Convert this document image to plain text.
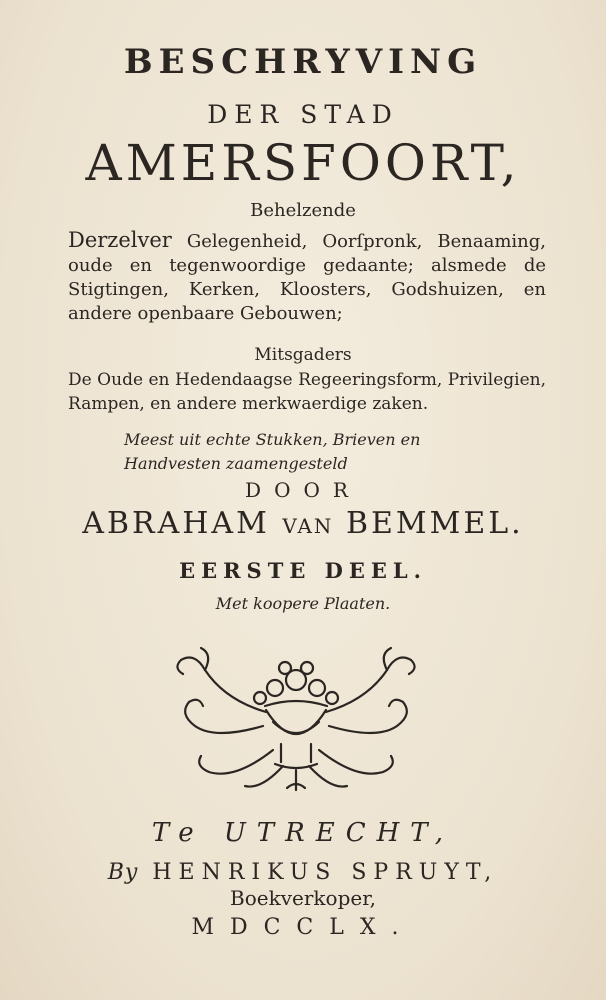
BESCHRYVING
DER STAD
AMERSFOORT,
Behelzende
Derzelver Gelegenheid, Oorſpronk, Benaaming, oude en tegenwoordige gedaante; alsmede de Stigtingen, Kerken, Kloosters, Godshuizen, en andere openbaare Gebouwen;
Mitsgaders
De Oude en Hedendaagse Regeeringsform, Privilegien, Rampen, en andere merkwaerdige zaken.
Meest uit echte Stukken, Brieven en Handvesten zaamengesteld
DOOR
ABRAHAM VAN BEMMEL.
EERSTE DEEL.
Met koopere Plaaten.
Te UTRECHT,
By HENRIKUS SPRUYT,
Boekverkoper,
MDCCLX.
